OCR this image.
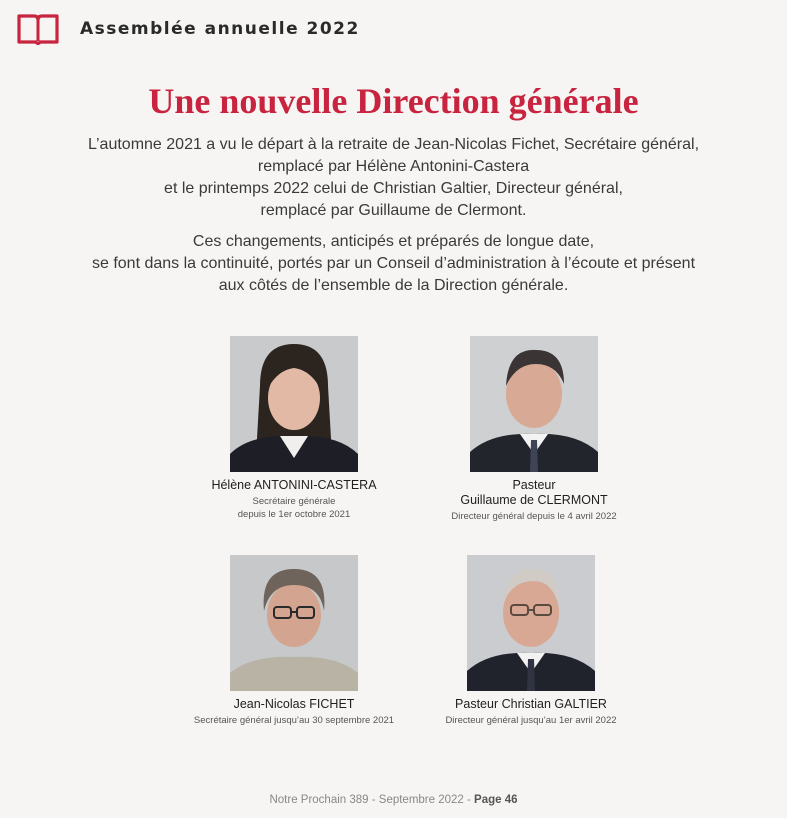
Assemblée annuelle 2022
Une nouvelle Direction générale

L’automne 2021 a vu le départ à la retraite de Jean-Nicolas Fichet, Secrétaire général,
remplacé par Hélène Antonini-Castera
et le printemps 2022 celui de Christian Galtier, Directeur général,
remplacé par Guillaume de Clermont.

Ces changements, anticipés et préparés de longue date,
se font dans la continuité, portés par un Conseil d’administration à l’écoute et présent
aux côtés de l’ensemble de la Direction générale.

Hélène ANTONINI-CASTERA
Secrétaire générale
depuis le 1er octobre 2021
Pasteur
Guillaume de CLERMONT
Directeur général depuis le 4 avril 2022
Jean-Nicolas FICHET
Secrétaire général jusqu’au 30 septembre 2021
Pasteur Christian GALTIER
Directeur général jusqu’au 1er avril 2022
Notre Prochain 389 - Septembre 2022 - Page 46
